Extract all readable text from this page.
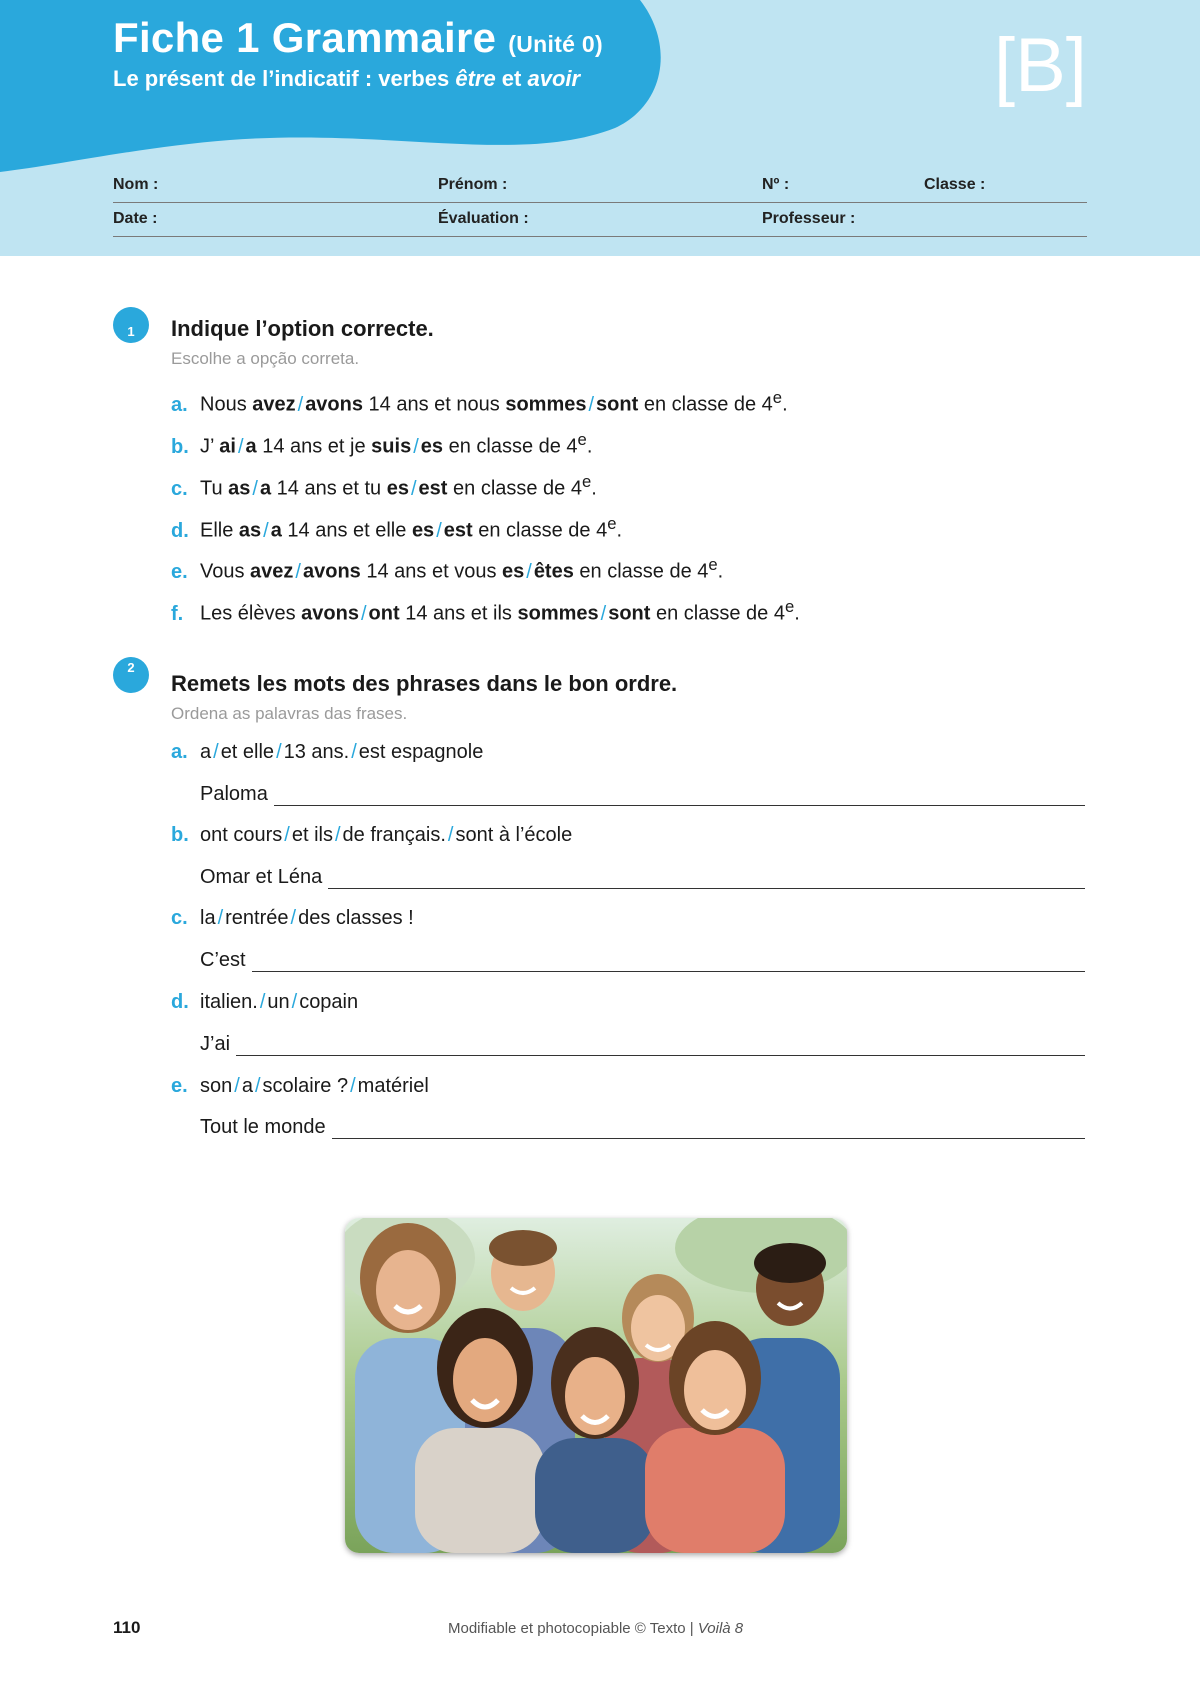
Fiche 1 Grammaire (Unité 0)
Le présent de l’indicatif : verbes être et avoir	[B]
Nom :	Prénom :	Nº :	Classe :
Date :	Évaluation :	Professeur :
1	Indique l’option correcte.
Escolhe a opção correta.
a. Nous avez / avons 14 ans et nous sommes / sont en classe de 4e.
b. J’ ai / a 14 ans et je suis / es en classe de 4e.
c. Tu as / a 14 ans et tu es / est en classe de 4e.
d. Elle as / a 14 ans et elle es / est en classe de 4e.
e. Vous avez / avons 14 ans et vous es / êtes en classe de 4e.
f. Les élèves avons / ont 14 ans et ils sommes / sont en classe de 4e.
2
Remets les mots des phrases dans le bon ordre.
Ordena as palavras das frases.
a. a / et elle / 13 ans. / est espagnole
Paloma
b. ont cours / et ils / de français. / sont à l’école
Omar et Léna
c. la / rentrée / des classes !
C’est
d. italien. / un / copain
J’ai
e. son / a / scolaire ? / matériel
Tout le monde
110	Modifiable et photocopiable © Texto | Voilà 8
